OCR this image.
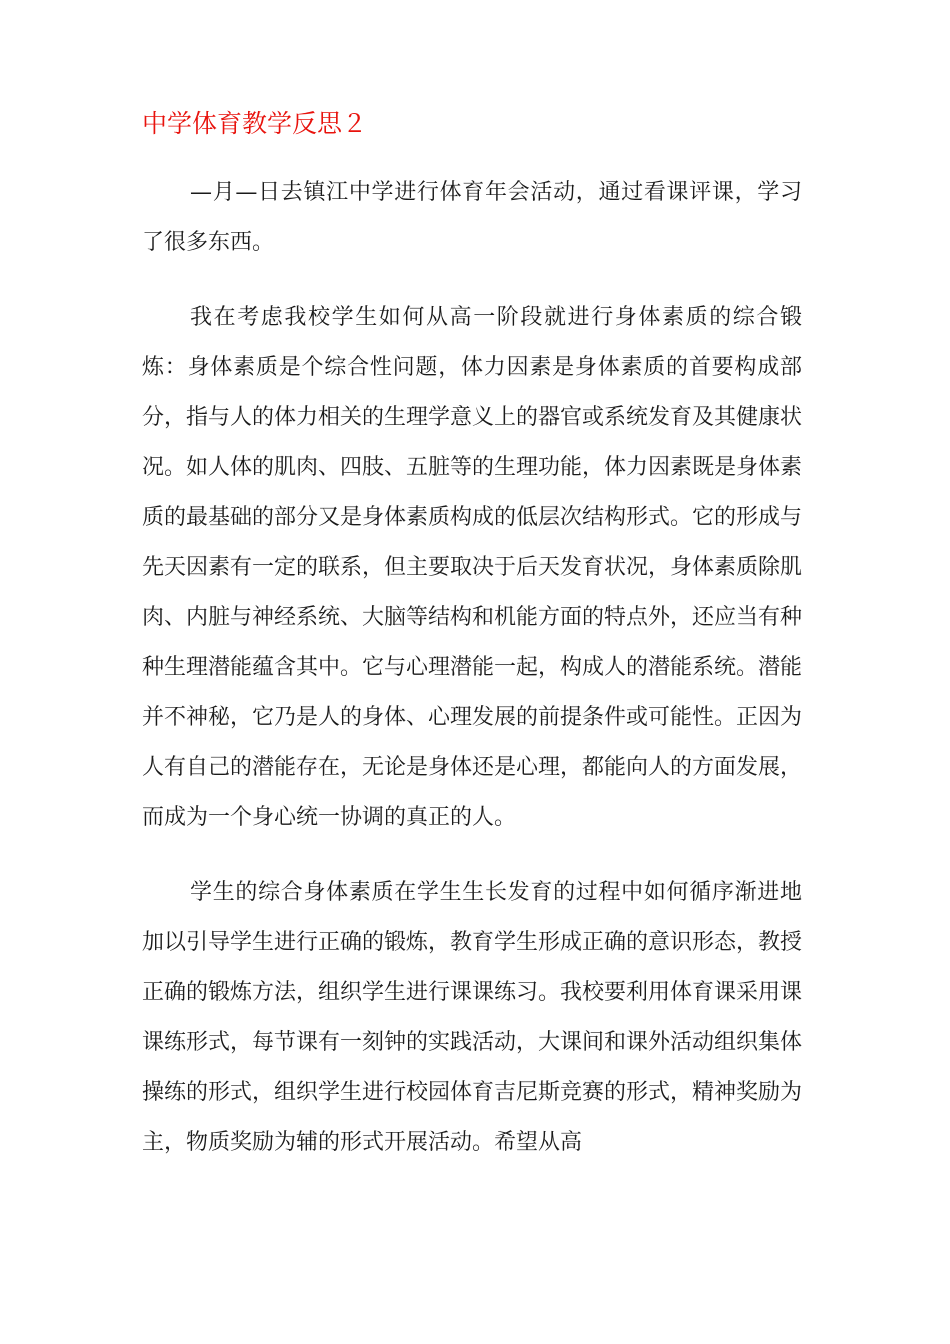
中学体育教学反思２

—月—日去镇江中学进行体育年会活动，通过看课评课，学习了很多东西。

我在考虑我校学生如何从高一阶段就进行身体素质的综合锻炼：身体素质是个综合性问题，体力因素是身体素质的首要构成部分，指与人的体力相关的生理学意义上的器官或系统发育及其健康状况。如人体的肌肉、四肢、五脏等的生理功能，体力因素既是身体素质的最基础的部分又是身体素质构成的低层次结构形式。它的形成与先天因素有一定的联系，但主要取决于后天发育状况，身体素质除肌肉、内脏与神经系统、大脑等结构和机能方面的特点外，还应当有种种生理潜能蕴含其中。它与心理潜能一起，构成人的潜能系统。潜能并不神秘，它乃是人的身体、心理发展的前提条件或可能性。正因为人有自己的潜能存在，无论是身体还是心理，都能向人的方面发展，而成为一个身心统一协调的真正的人。

学生的综合身体素质在学生生长发育的过程中如何循序渐进地加以引导学生进行正确的锻炼，教育学生形成正确的意识形态，教授正确的锻炼方法，组织学生进行课课练习。我校要利用体育课采用课课练形式，每节课有一刻钟的实践活动，大课间和课外活动组织集体操练的形式，组织学生进行校园体育吉尼斯竞赛的形式，精神奖励为主，物质奖励为辅的形式开展活动。希望从高
